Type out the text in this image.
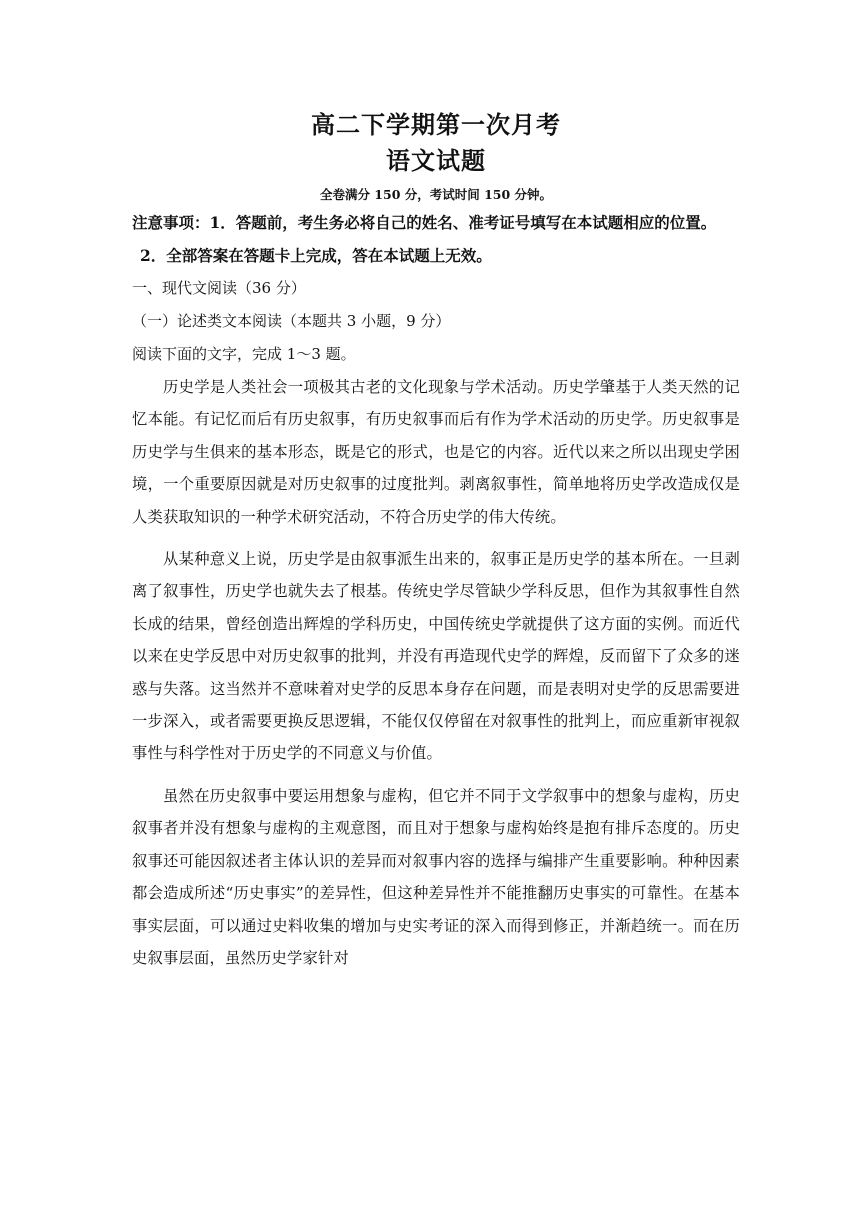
高二下学期第一次月考
语文试题
全卷满分 150 分，考试时间 150 分钟。

注意事项：1．答题前，考生务必将自己的姓名、准考证号填写在本试题相应的位置。

2．全部答案在答题卡上完成，答在本试题上无效。

一、现代文阅读（36 分）

（一）论述类文本阅读（本题共 3 小题，9 分）

阅读下面的文字，完成 1～3 题。

历史学是人类社会一项极其古老的文化现象与学术活动。历史学肇基于人类天然的记忆本能。有记忆而后有历史叙事，有历史叙事而后有作为学术活动的历史学。历史叙事是历史学与生俱来的基本形态，既是它的形式，也是它的内容。近代以来之所以出现史学困境，一个重要原因就是对历史叙事的过度批判。剥离叙事性，简单地将历史学改造成仅是人类获取知识的一种学术研究活动，不符合历史学的伟大传统。

从某种意义上说，历史学是由叙事派生出来的，叙事正是历史学的基本所在。一旦剥离了叙事性，历史学也就失去了根基。传统史学尽管缺少学科反思，但作为其叙事性自然长成的结果，曾经创造出辉煌的学科历史，中国传统史学就提供了这方面的实例。而近代以来在史学反思中对历史叙事的批判，并没有再造现代史学的辉煌，反而留下了众多的迷惑与失落。这当然并不意味着对史学的反思本身存在问题，而是表明对史学的反思需要进一步深入，或者需要更换反思逻辑，不能仅仅停留在对叙事性的批判上，而应重新审视叙事性与科学性对于历史学的不同意义与价值。

虽然在历史叙事中要运用想象与虚构，但它并不同于文学叙事中的想象与虚构，历史叙事者并没有想象与虚构的主观意图，而且对于想象与虚构始终是抱有排斥态度的。历史叙事还可能因叙述者主体认识的差异而对叙事内容的选择与编排产生重要影响。种种因素都会造成所述“历史事实”的差异性，但这种差异性并不能推翻历史事实的可靠性。在基本事实层面，可以通过史料收集的增加与史实考证的深入而得到修正，并渐趋统一。而在历史叙事层面，虽然历史学家针对
